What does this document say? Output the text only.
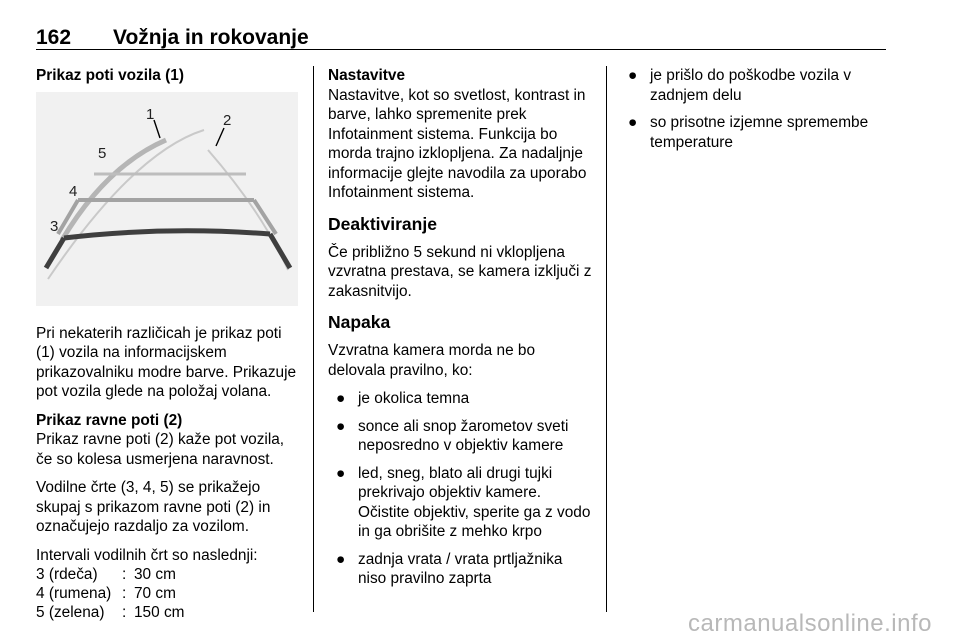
162 Vožnja in rokovanje
Prikaz poti vozila (1)
1	2
5
4
3

Pri nekaterih različicah je prikaz poti (1) vozila na informacijskem prikazovalniku modre barve. Prikazuje pot vozila glede na položaj volana.

Prikaz ravne poti (2)

Prikaz ravne poti (2) kaže pot vozila, če so kolesa usmerjena naravnost.

Vodilne črte (3, 4, 5) se prikažejo skupaj s prikazom ravne poti (2) in označujejo razdaljo za vozilom.

Intervali vodilnih črt so naslednji:

3 (rdeča)	:	30 cm
4 (rumena)	:	70 cm
5 (zelena)	:	150 cm
Nastavitve

Nastavitve, kot so svetlost, kontrast in barve, lahko spremenite prek Infotainment sistema. Funkcija bo morda trajno izklopljena. Za nadaljnje informacije glejte navodila za uporabo Infotainment sistema.

Deaktiviranje

Če približno 5 sekund ni vklopljena vzvratna prestava, se kamera izključi z zakasnitvijo.

Napaka

Vzvratna kamera morda ne bo delovala pravilno, ko:

● je okolica temna
● sonce ali snop žarometov sveti neposredno v objektiv kamere
● led, sneg, blato ali drugi tujki prekrivajo objektiv kamere. Očistite objektiv, sperite ga z vodo in ga obrišite z mehko krpo
● zadnja vrata / vrata prtljažnika niso pravilno zaprta
● je prišlo do poškodbe vozila v zadnjem delu
● so prisotne izjemne spremembe temperature
carmanualsonline.info
